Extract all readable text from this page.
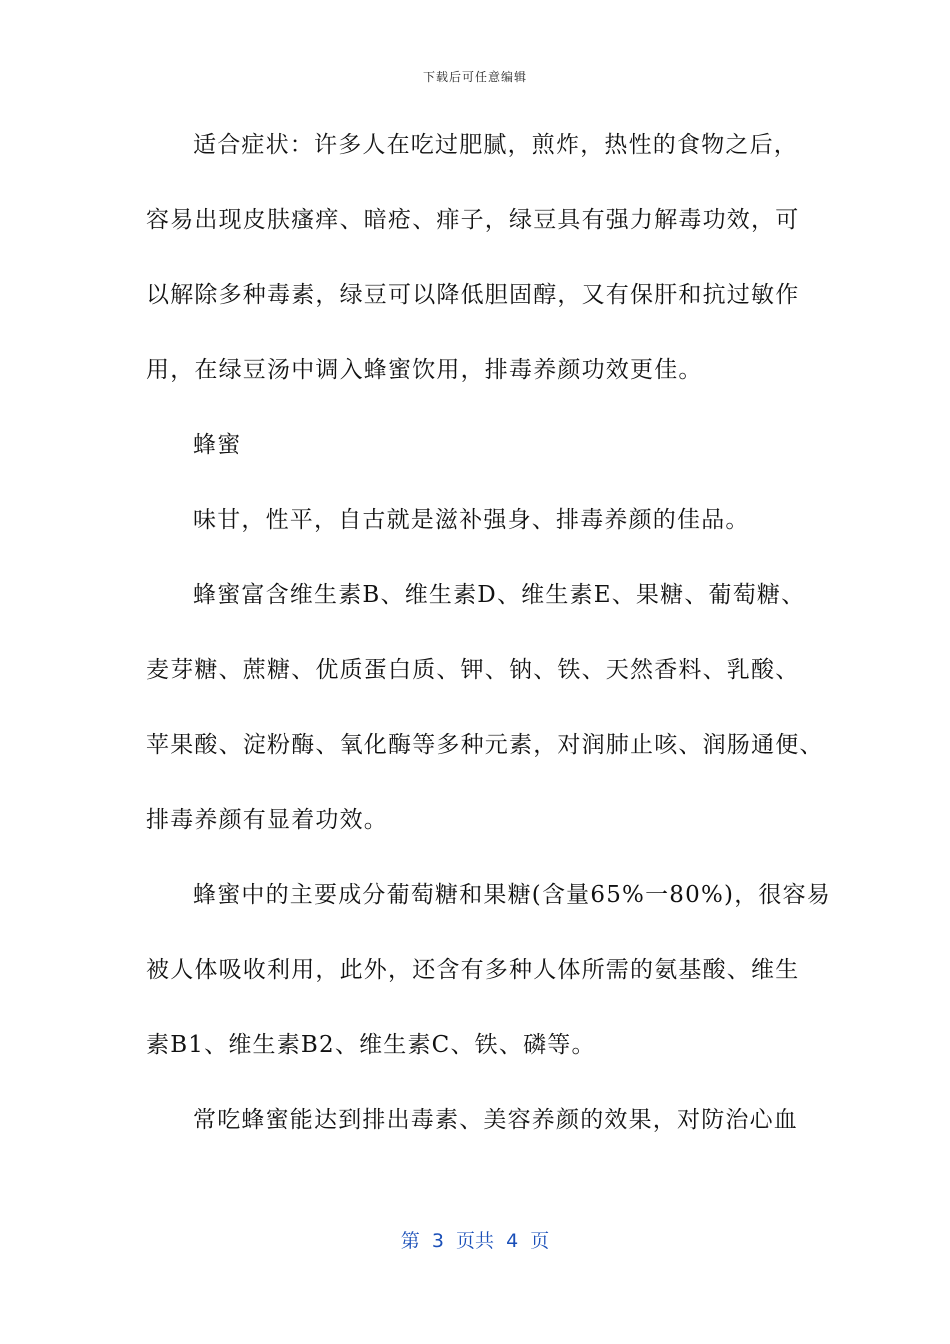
下载后可任意编辑
适合症状：许多人在吃过肥腻，煎炸，热性的食物之后，
容易出现皮肤瘙痒、暗疮、痱子，绿豆具有强力解毒功效，可
以解除多种毒素，绿豆可以降低胆固醇，又有保肝和抗过敏作
用，在绿豆汤中调入蜂蜜饮用，排毒养颜功效更佳。
蜂蜜
味甘，性平，自古就是滋补强身、排毒养颜的佳品。
蜂蜜富含维生素B、维生素D、维生素E、果糖、葡萄糖、
麦芽糖、蔗糖、优质蛋白质、钾、钠、铁、天然香料、乳酸、
苹果酸、淀粉酶、氧化酶等多种元素，对润肺止咳、润肠通便、
排毒养颜有显着功效。
蜂蜜中的主要成分葡萄糖和果糖(含量65%一80%)，很容易
被人体吸收利用，此外，还含有多种人体所需的氨基酸、维生
素B1、维生素B2、维生素C、铁、磷等。
常吃蜂蜜能达到排出毒素、美容养颜的效果，对防治心血
第  3  页共  4  页
